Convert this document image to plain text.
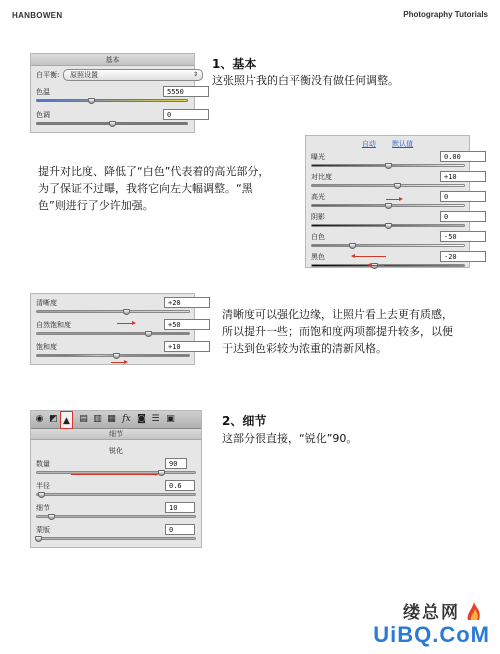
HANBOWEN	Photography Tutorials
基本
白平衡:	原照设置	⇕
色温	5550
色调	0
1、基本
这张照片我的白平衡没有做任何调整。
自动 默认值
曝光	0.00
对比度	+10
高光	0
阴影	0
白色	-50
黑色	-20
提升对比度、降低了“白色”代表着的高光部分，
为了保证不过曝，我将它向左大幅调整。“黑
色”则进行了少许加强。
清晰度	+20
自然饱和度	+50
饱和度	+10
清晰度可以强化边缘，让照片看上去更有质感，
所以提升一些；而饱和度两项都提升较多，以便
于达到色彩较为浓重的清新风格。
◉ ◩ ▲	▤ ▥ ▦ fx ◙ ☰ ▣
细节
锐化
数量	90
半径	0.6
细节	10
蒙版	0
2、细节
这部分很直接，“锐化”90。
缕总网
UiBQ.CoM
